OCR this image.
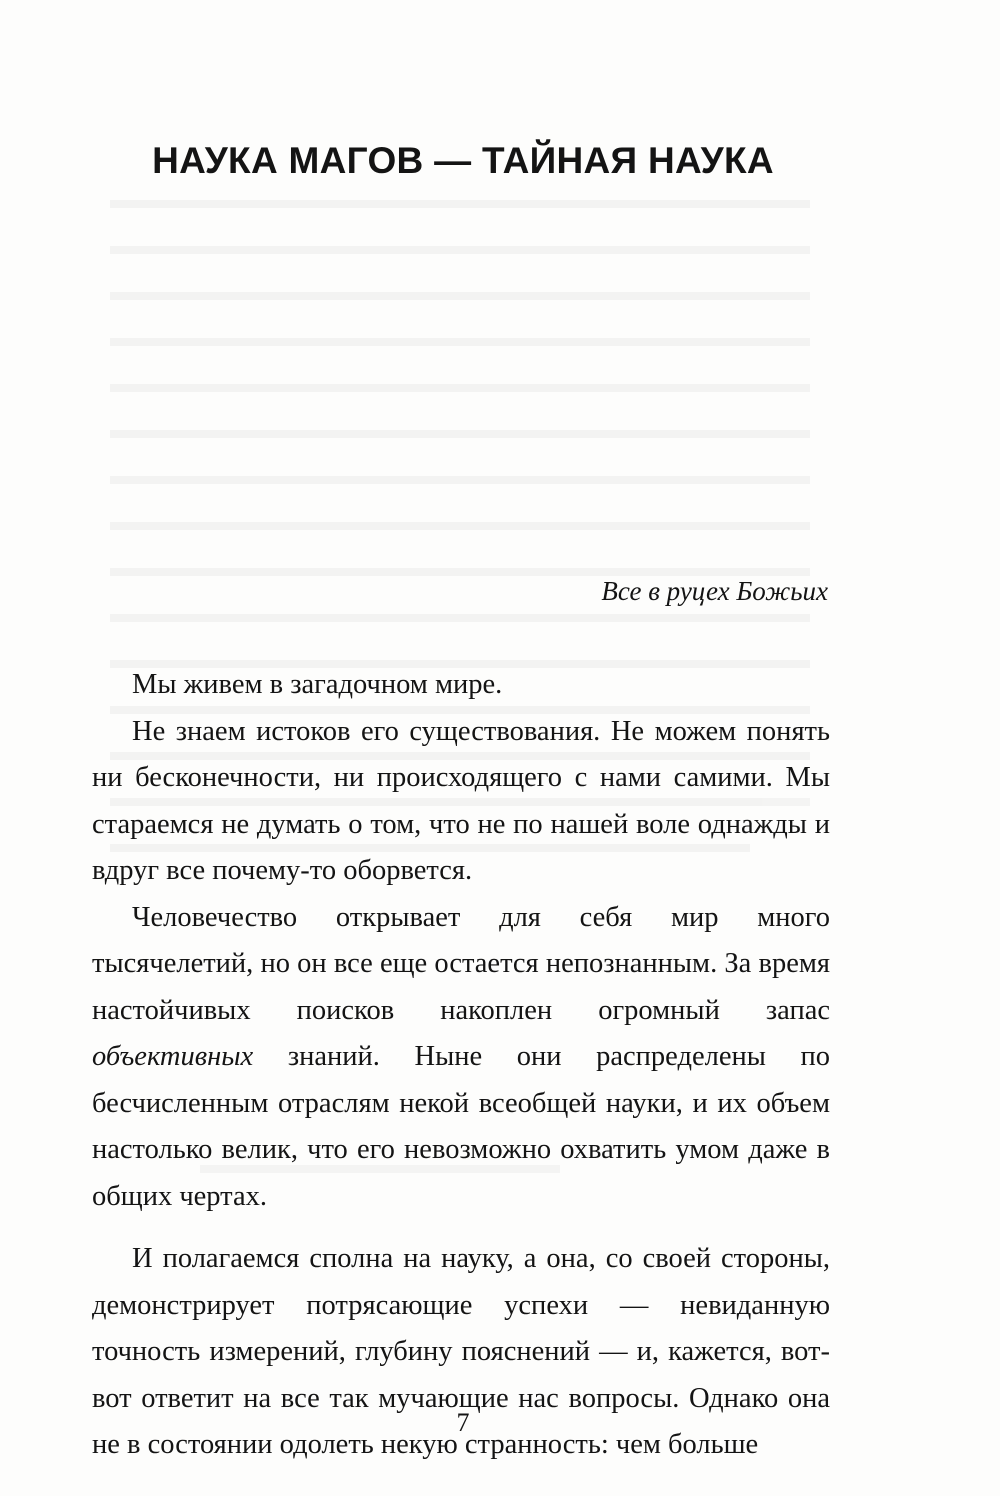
НАУКА МАГОВ — ТАЙНАЯ НАУКА

Все в руцех Божьих

Мы живем в загадочном мире.

Не знаем истоков его существования. Не можем понять ни бесконечности, ни происходящего с нами самими. Мы стараемся не думать о том, что не по нашей воле однажды и вдруг все почему-то оборвется.

Человечество открывает для себя мир много тысячелетий, но он все еще остается непознанным. За время настойчивых поисков накоплен огромный запас объективных знаний. Ныне они распределены по бесчисленным отраслям некой всеобщей науки, и их объем настолько велик, что его невозможно охватить умом даже в общих чертах.

И полагаемся сполна на науку, а она, со своей стороны, демонстрирует потрясающие успехи — невиданную точность измерений, глубину пояснений — и, кажется, вот-вот ответит на все так мучающие нас вопросы. Однако она не в состоянии одолеть некую странность: чем больше

7
